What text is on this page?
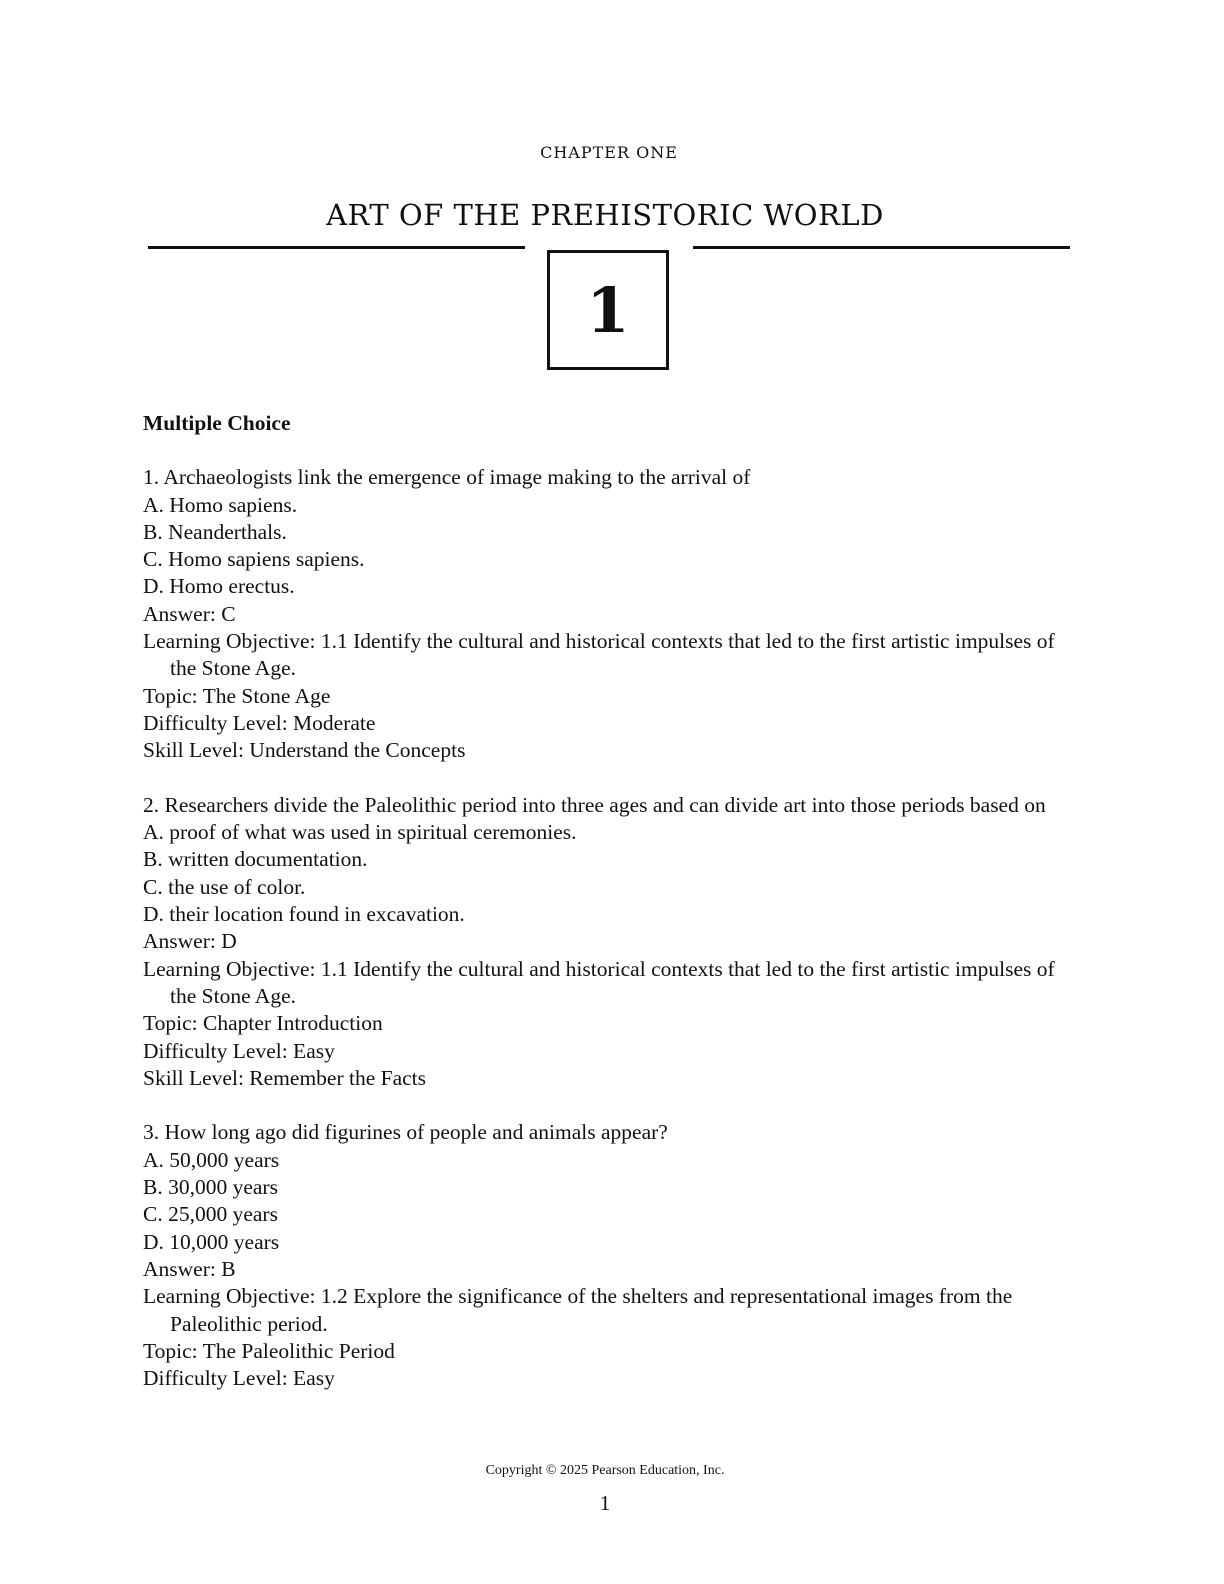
CHAPTER ONE
ART OF THE PREHISTORIC WORLD
1
Multiple Choice
1. Archaeologists link the emergence of image making to the arrival of
A. Homo sapiens.
B. Neanderthals.
C. Homo sapiens sapiens.
D. Homo erectus.
Answer: C
Learning Objective: 1.1 Identify the cultural and historical contexts that led to the first artistic impulses of the Stone Age.
Topic: The Stone Age
Difficulty Level: Moderate
Skill Level: Understand the Concepts
2. Researchers divide the Paleolithic period into three ages and can divide art into those periods based on
A. proof of what was used in spiritual ceremonies.
B. written documentation.
C. the use of color.
D. their location found in excavation.
Answer: D
Learning Objective: 1.1 Identify the cultural and historical contexts that led to the first artistic impulses of the Stone Age.
Topic: Chapter Introduction
Difficulty Level: Easy
Skill Level: Remember the Facts
3. How long ago did figurines of people and animals appear?
A. 50,000 years
B. 30,000 years
C. 25,000 years
D. 10,000 years
Answer: B
Learning Objective: 1.2 Explore the significance of the shelters and representational images from the Paleolithic period.
Topic: The Paleolithic Period
Difficulty Level: Easy
Copyright © 2025 Pearson Education, Inc.
1
